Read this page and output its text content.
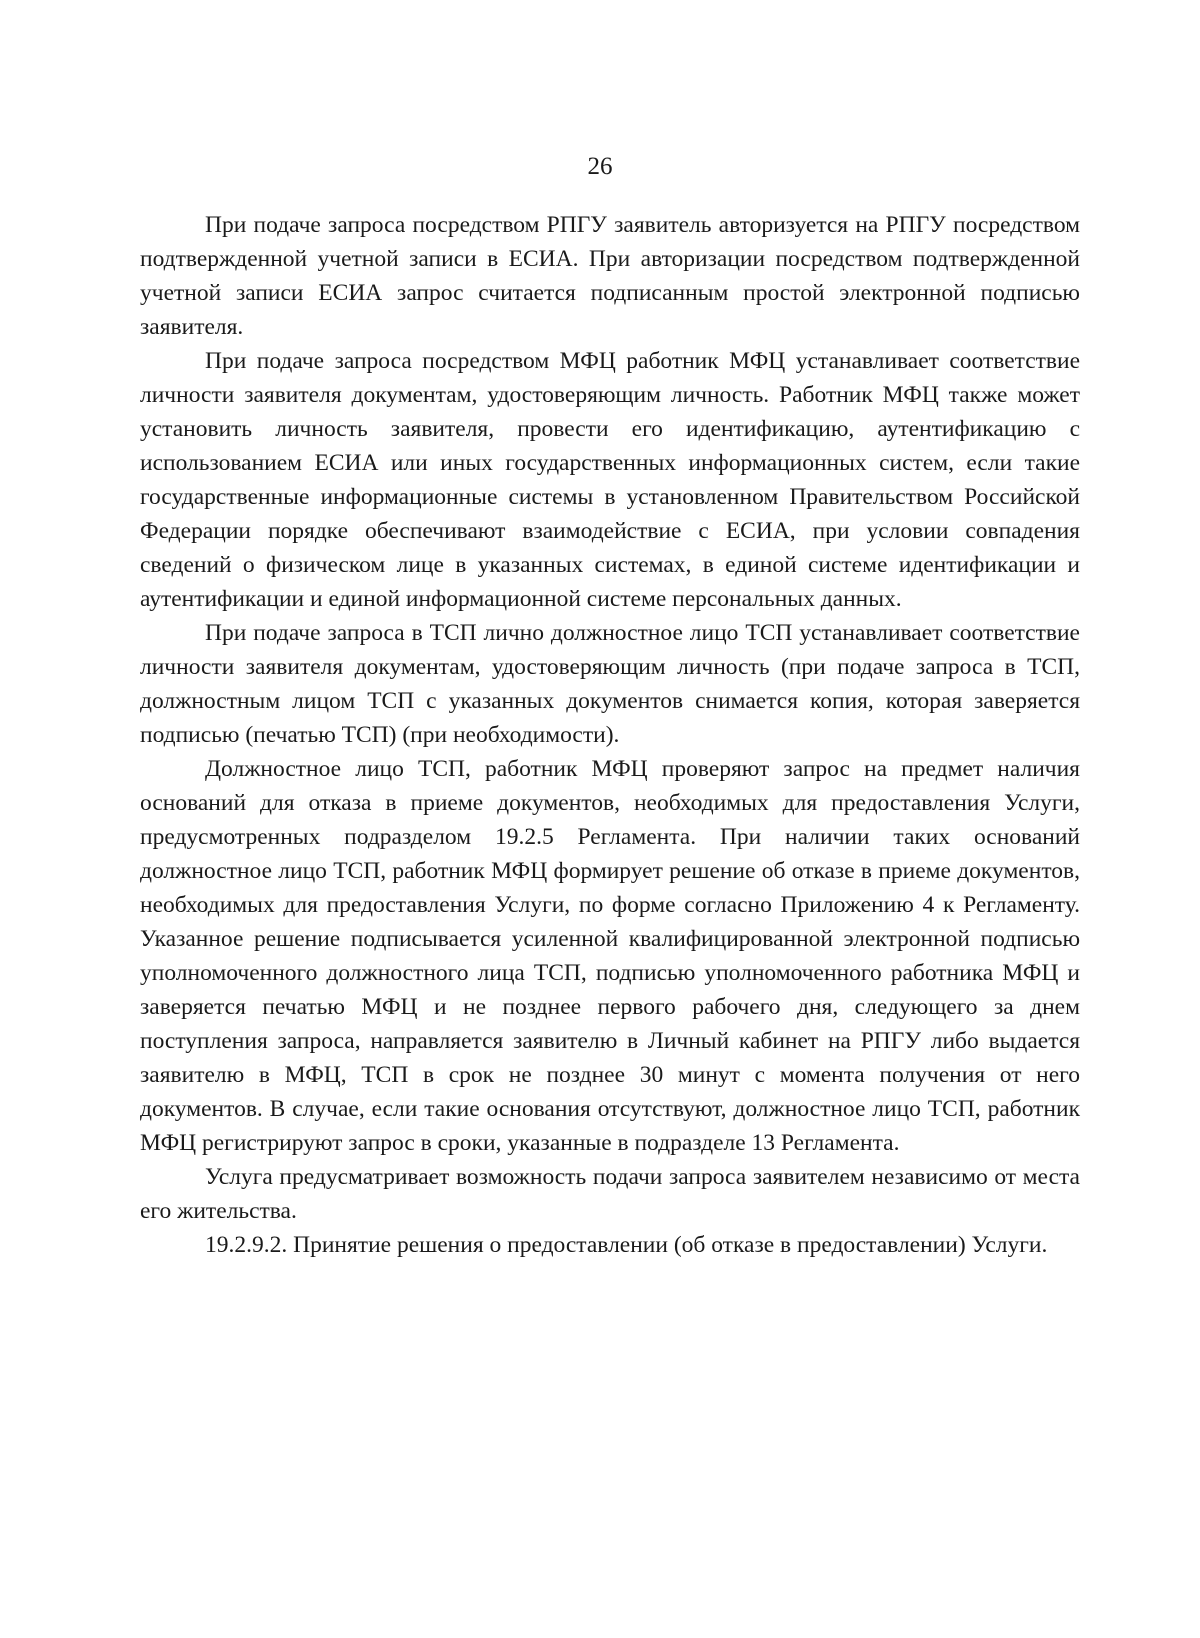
26

При подаче запроса посредством РПГУ заявитель авторизуется на РПГУ посредством подтвержденной учетной записи в ЕСИА. При авторизации посредством подтвержденной учетной записи ЕСИА запрос считается подписанным простой электронной подписью заявителя.

При подаче запроса посредством МФЦ работник МФЦ устанавливает соответствие личности заявителя документам, удостоверяющим личность. Работник МФЦ также может установить личность заявителя, провести его идентификацию, аутентификацию с использованием ЕСИА или иных государственных информационных систем, если такие государственные информационные системы в установленном Правительством Российской Федерации порядке обеспечивают взаимодействие с ЕСИА, при условии совпадения сведений о физическом лице в указанных системах, в единой системе идентификации и аутентификации и единой информационной системе персональных данных.

При подаче запроса в ТСП лично должностное лицо ТСП устанавливает соответствие личности заявителя документам, удостоверяющим личность (при подаче запроса в ТСП, должностным лицом ТСП с указанных документов снимается копия, которая заверяется подписью (печатью ТСП) (при необходимости).

Должностное лицо ТСП, работник МФЦ проверяют запрос на предмет наличия оснований для отказа в приеме документов, необходимых для предоставления Услуги, предусмотренных подразделом 19.2.5 Регламента. При наличии таких оснований должностное лицо ТСП, работник МФЦ формирует решение об отказе в приеме документов, необходимых для предоставления Услуги, по форме согласно Приложению 4 к Регламенту. Указанное решение подписывается усиленной квалифицированной электронной подписью уполномоченного должностного лица ТСП, подписью уполномоченного работника МФЦ и заверяется печатью МФЦ и не позднее первого рабочего дня, следующего за днем поступления запроса, направляется заявителю в Личный кабинет на РПГУ либо выдается заявителю в МФЦ, ТСП в срок не позднее 30 минут с момента получения от него документов. В случае, если такие основания отсутствуют, должностное лицо ТСП, работник МФЦ регистрируют запрос в сроки, указанные в подразделе 13 Регламента.

Услуга предусматривает возможность подачи запроса заявителем независимо от места его жительства.

19.2.9.2. Принятие решения о предоставлении (об отказе в предоставлении) Услуги.
